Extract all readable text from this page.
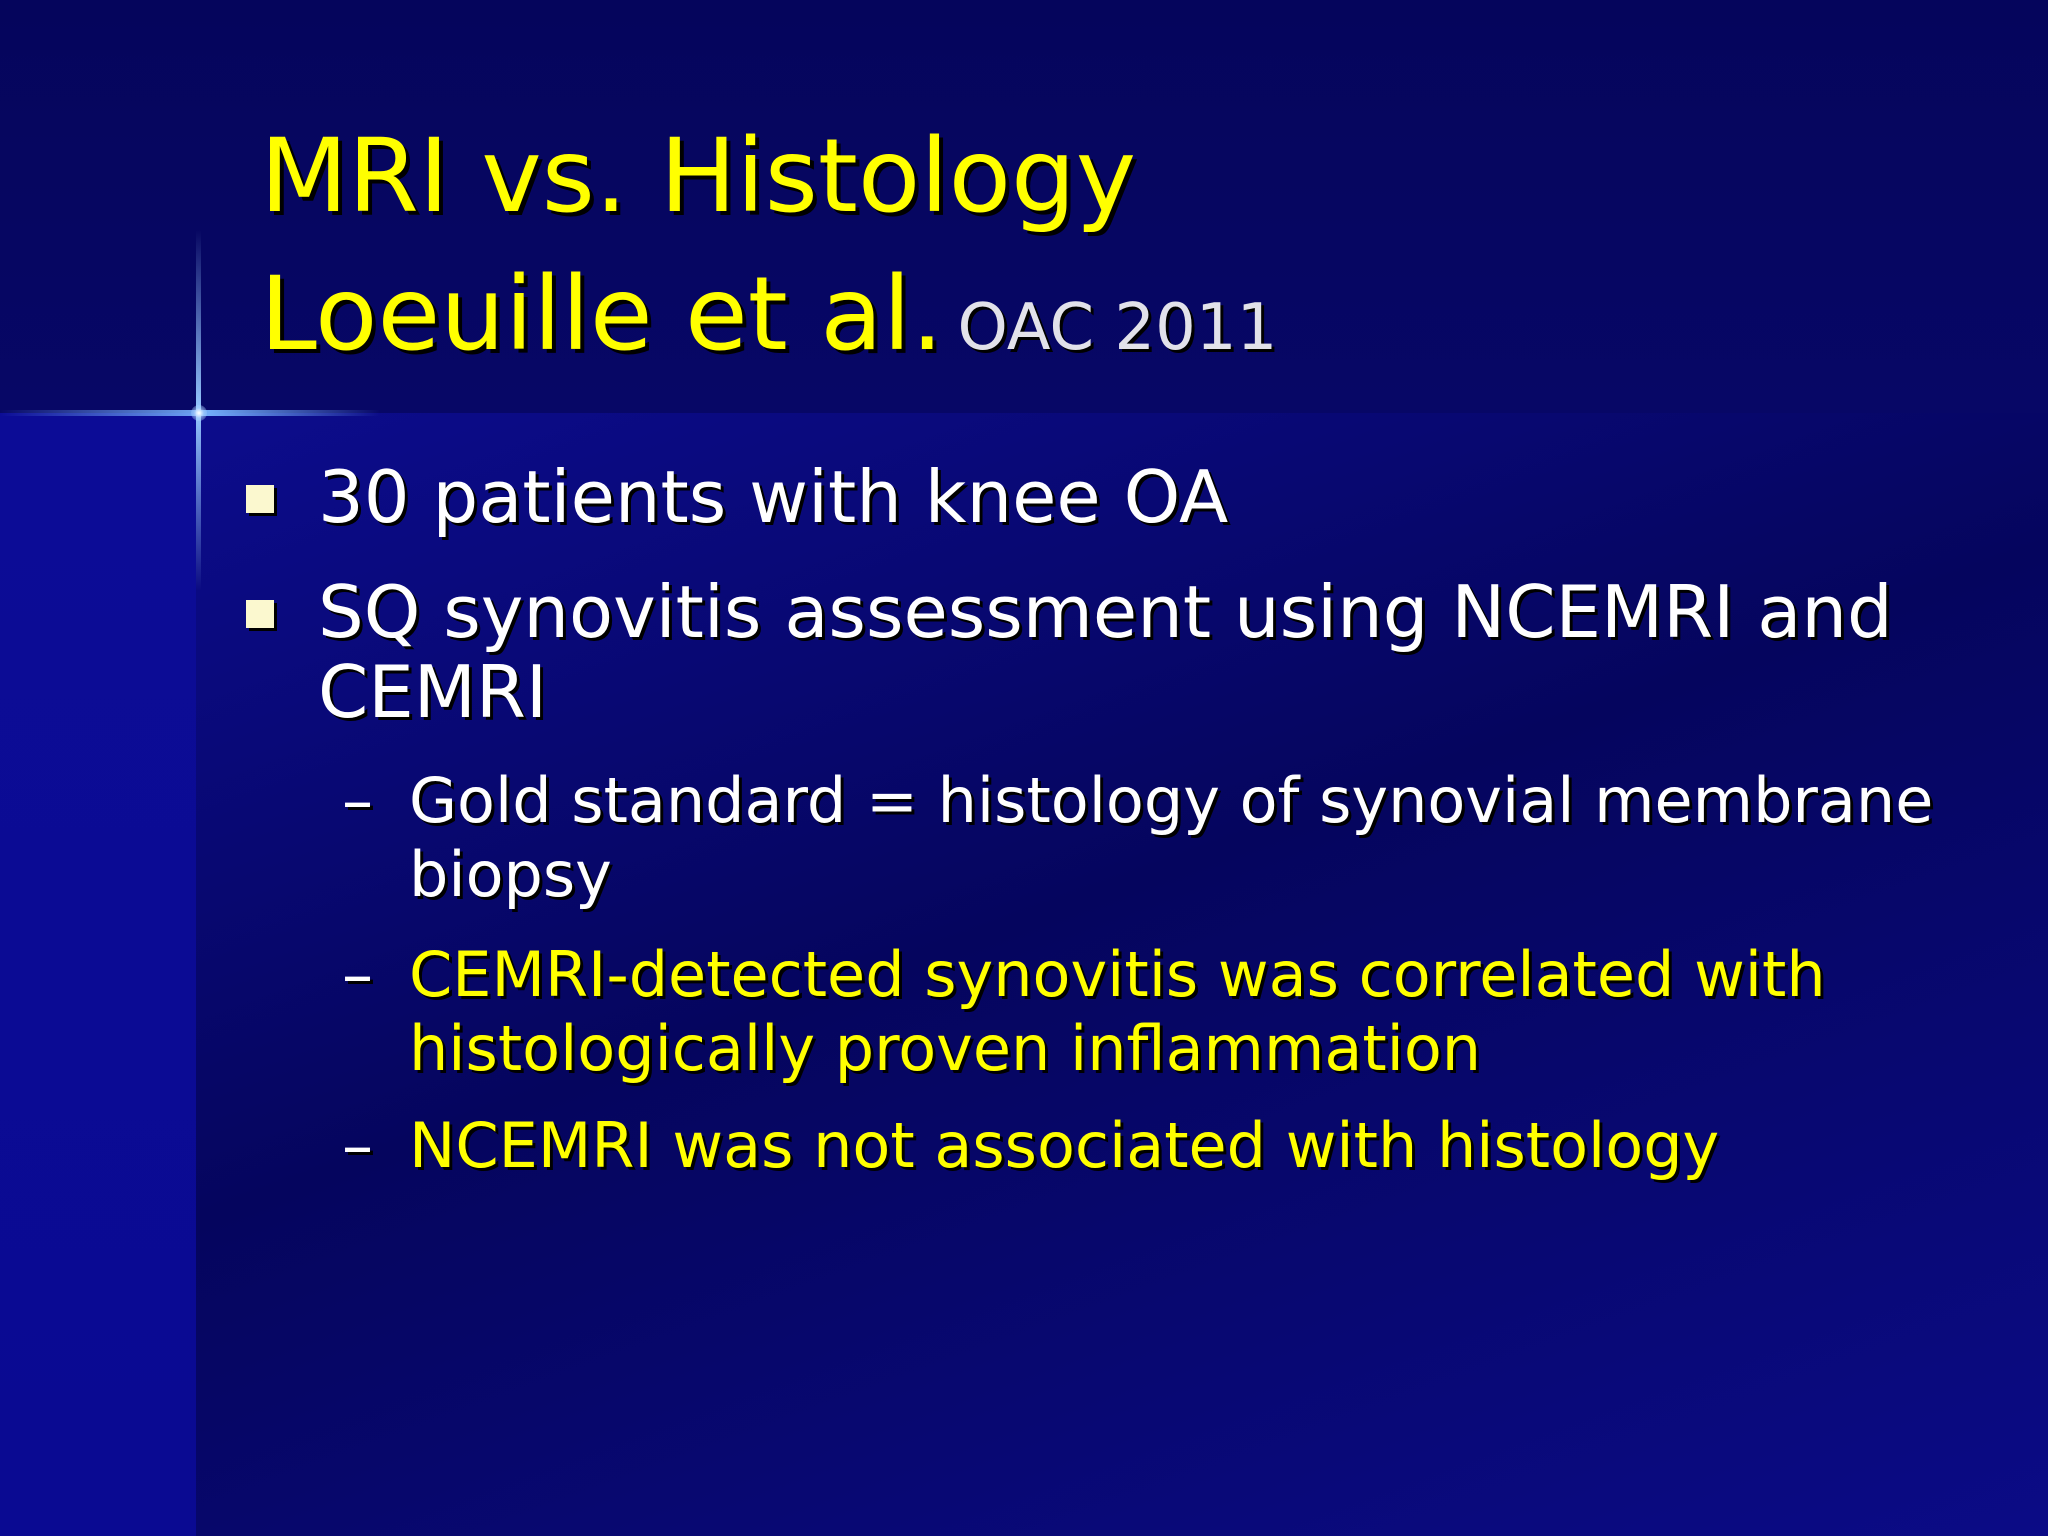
MRI vs. Histology
Loeuille et al. OAC 2011
30 patients with knee OA
SQ synovitis assessment using NCEMRI and CEMRI
– Gold standard = histology of synovial membrane biopsy
– CEMRI-detected synovitis was correlated with histologically proven inflammation
– NCEMRI was not associated with histology
